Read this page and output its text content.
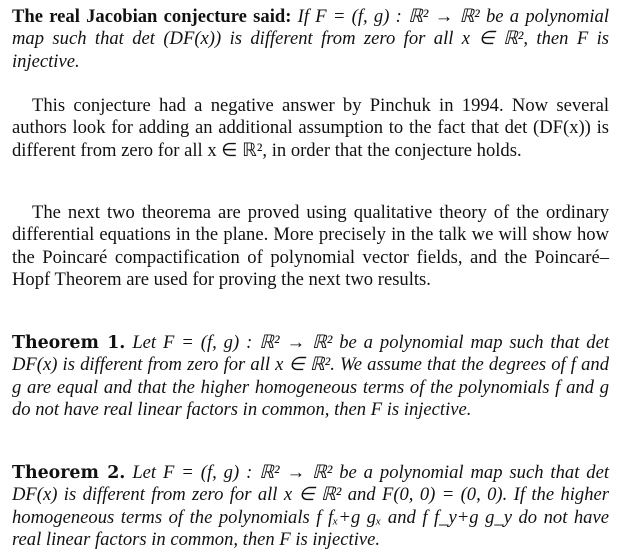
The real Jacobian conjecture said: If F = (f, g) : ℝ² → ℝ² be a polynomial map such that det (DF(x)) is different from zero for all x ∈ ℝ², then F is injective.
This conjecture had a negative answer by Pinchuk in 1994. Now several authors look for adding an additional assumption to the fact that det (DF(x)) is different from zero for all x ∈ ℝ², in order that the conjecture holds.
The next two theorema are proved using qualitative theory of the ordinary differential equations in the plane. More precisely in the talk we will show how the Poincaré compactification of polynomial vector fields, and the Poincaré–Hopf Theorem are used for proving the next two results.
Theorem 1. Let F = (f, g) : ℝ² → ℝ² be a polynomial map such that det DF(x) is different from zero for all x ∈ ℝ². We assume that the degrees of f and g are equal and that the higher homogeneous terms of the polynomials f and g do not have real linear factors in common, then F is injective.
Theorem 2. Let F = (f, g) : ℝ² → ℝ² be a polynomial map such that det DF(x) is different from zero for all x ∈ ℝ² and F(0, 0) = (0, 0). If the higher homogeneous terms of the polynomials f fₓ+g gₓ and f f_y+g g_y do not have real linear factors in common, then F is injective.
